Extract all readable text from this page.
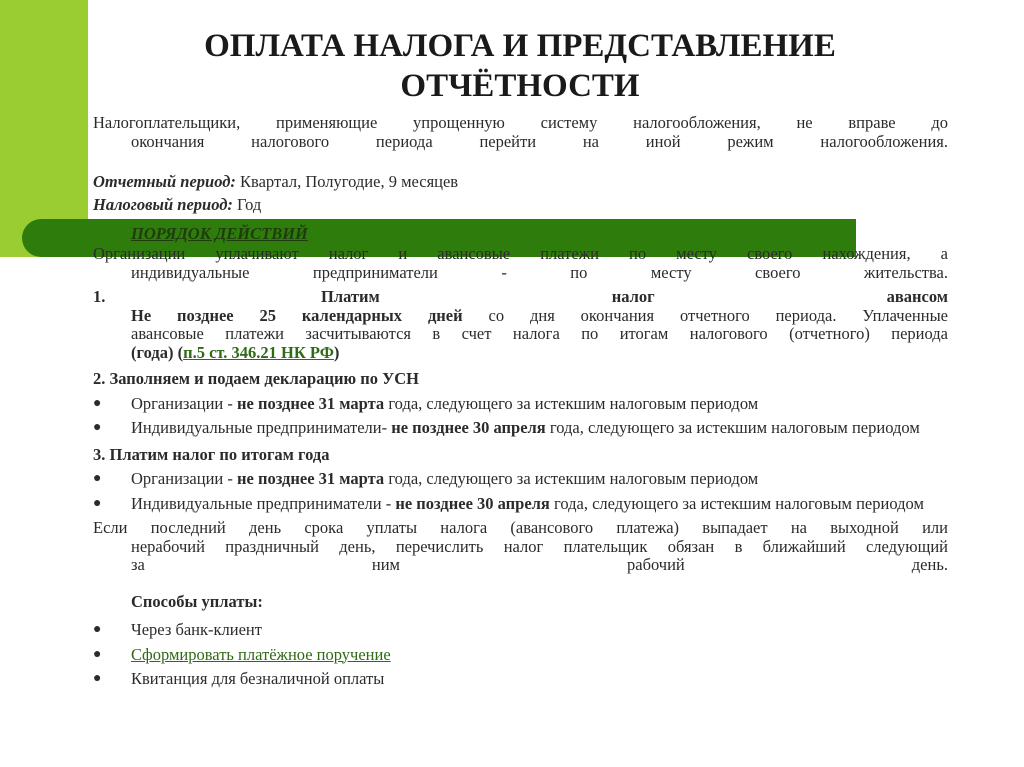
ОПЛАТА НАЛОГА И ПРЕДСТАВЛЕНИЕ ОТЧЁТНОСТИ
Налогоплательщики, применяющие упрощенную систему налогообложения, не вправе до
окончания налогового периода перейти на иной режим налогообложения.
Отчетный период: Квартал, Полугодие, 9 месяцев
Налоговый период: Год
ПОРЯДОК ДЕЙСТВИЙ
Организации уплачивают налог и авансовые платежи по месту своего нахождения, а
индивидуальные предприниматели - по месту своего жительства.
1.	Платим	налог	авансом
Не позднее 25 календарных дней со дня окончания отчетного периода. Уплаченные
авансовые платежи засчитываются в счет налога по итогам налогового (отчетного) периода
(года) (п.5 ст. 346.21 НК РФ)
2. Заполняем и подаем декларацию по УСН
●	Организации - не позднее 31 марта года, следующего за истекшим налоговым периодом
●	Индивидуальные предприниматели- не позднее 30 апреля года, следующего за истекшим налоговым периодом
3. Платим налог по итогам года
●	Организации - не позднее 31 марта года, следующего за истекшим налоговым периодом
●	Индивидуальные предприниматели - не позднее 30 апреля года, следующего за истекшим налоговым периодом
Если последний день срока уплаты налога (авансового платежа) выпадает на выходной или
нерабочий праздничный день, перечислить налог плательщик обязан в ближайший следующий
за ним рабочий день.
Способы уплаты:
●	Через банк-клиент
●	Сформировать платёжное поручение
●	Квитанция для безналичной оплаты
